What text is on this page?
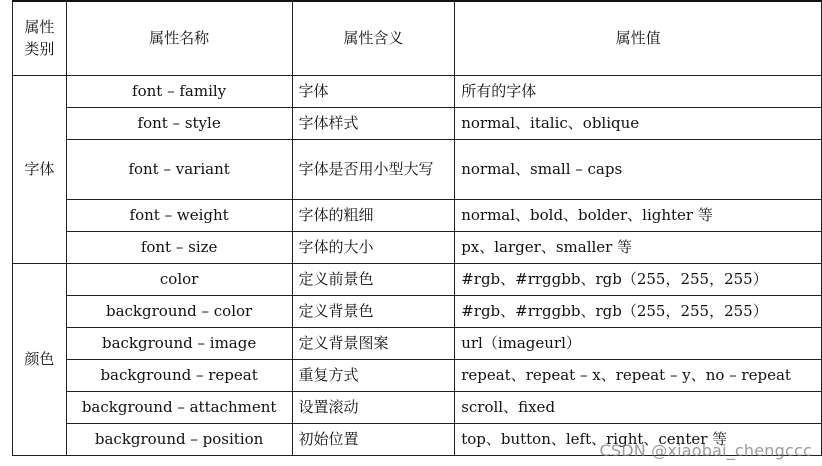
属性类别	属性名称	属性含义	属性值
字体	font – family	字体	所有的字体
	font – style	字体样式	normal、italic、oblique
	font – variant	字体是否用小型大写	normal、small – caps
	font – weight	字体的粗细	normal、bold、bolder、lighter 等
	font – size	字体的大小	px、larger、smaller 等
颜色	color	定义前景色	#rgb、#rrggbb、rgb（255，255，255）
	background – color	定义背景色	#rgb、#rrggbb、rgb（255，255，255）
	background – image	定义背景图案	url（imageurl）
	background – repeat	重复方式	repeat、repeat – x、repeat – y、no – repeat
	background – attachment	设置滚动	scroll、fixed
	background – position	初始位置	top、button、left、right、center 等
CSDN @xiaobai_chengccc
